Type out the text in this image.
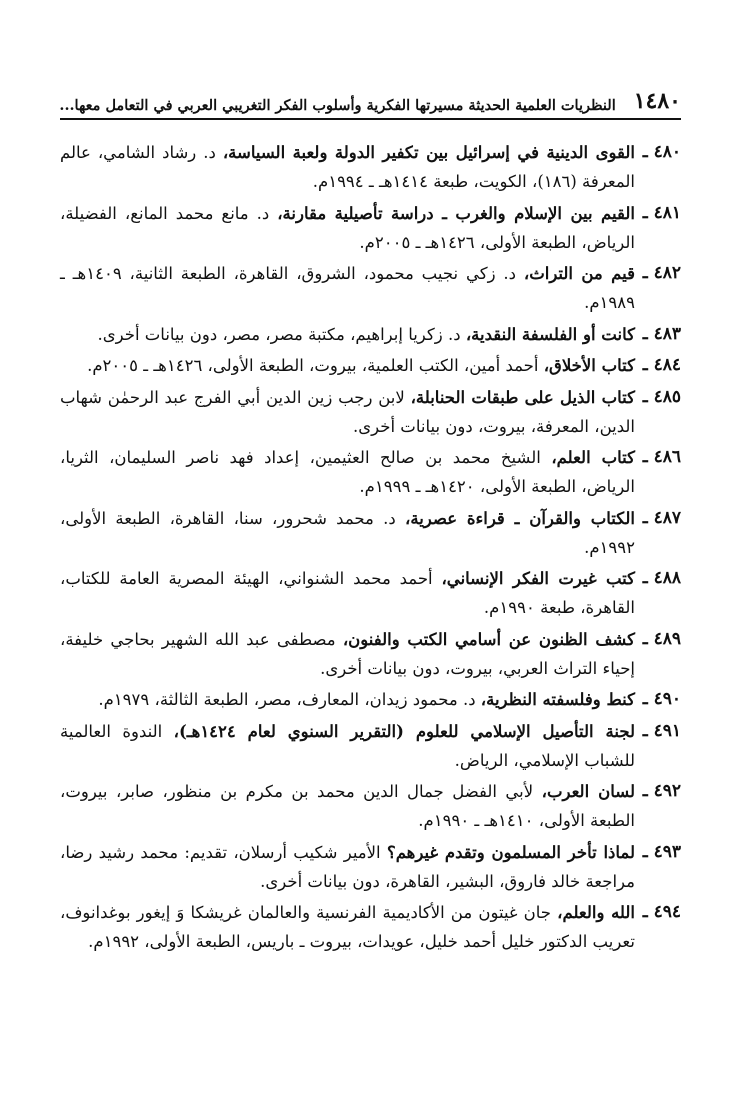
١٤٨٠
النظريات العلمية الحديثة مسيرتها الفكرية وأسلوب الفكر التغريبي العربي في التعامل معها...
٤٨٠ ـ
القوى الدينية في إسرائيل بين تكفير الدولة ولعبة السياسة، د. رشاد الشامي، عالم المعرفة (١٨٦)، الكويت، طبعة ١٤١٤هـ ـ ١٩٩٤م.
٤٨١ ـ
القيم بين الإسلام والغرب ـ دراسة تأصيلية مقارنة، د. مانع محمد المانع، الفضيلة، الرياض، الطبعة الأولى، ١٤٢٦هـ ـ ٢٠٠٥م.
٤٨٢ ـ
قيم من التراث، د. زكي نجيب محمود، الشروق، القاهرة، الطبعة الثانية، ١٤٠٩هـ ـ ١٩٨٩م.
٤٨٣ ـ
كانت أو الفلسفة النقدية، د. زكريا إبراهيم، مكتبة مصر، مصر، دون بيانات أخرى.
٤٨٤ ـ
كتاب الأخلاق، أحمد أمين، الكتب العلمية، بيروت، الطبعة الأولى، ١٤٢٦هـ ـ ٢٠٠٥م.
٤٨٥ ـ
كتاب الذيل على طبقات الحنابلة، لابن رجب زين الدين أبي الفرج عبد الرحمٰن شهاب الدين، المعرفة، بيروت، دون بيانات أخرى.
٤٨٦ ـ
كتاب العلم، الشيخ محمد بن صالح العثيمين، إعداد فهد ناصر السليمان، الثريا، الرياض، الطبعة الأولى، ١٤٢٠هـ ـ ١٩٩٩م.
٤٨٧ ـ
الكتاب والقرآن ـ قراءة عصرية، د. محمد شحرور، سنا، القاهرة، الطبعة الأولى، ١٩٩٢م.
٤٨٨ ـ
كتب غيرت الفكر الإنساني، أحمد محمد الشنواني، الهيئة المصرية العامة للكتاب، القاهرة، طبعة ١٩٩٠م.
٤٨٩ ـ
كشف الظنون عن أسامي الكتب والفنون، مصطفى عبد الله الشهير بحاجي خليفة، إحياء التراث العربي، بيروت، دون بيانات أخرى.
٤٩٠ ـ
كنط وفلسفته النظرية، د. محمود زيدان، المعارف، مصر، الطبعة الثالثة، ١٩٧٩م.
٤٩١ ـ
لجنة التأصيل الإسلامي للعلوم (التقرير السنوي لعام ١٤٢٤هـ)، الندوة العالمية للشباب الإسلامي، الرياض.
٤٩٢ ـ
لسان العرب، لأبي الفضل جمال الدين محمد بن مكرم بن منظور، صابر، بيروت، الطبعة الأولى، ١٤١٠هـ ـ ١٩٩٠م.
٤٩٣ ـ
لماذا تأخر المسلمون وتقدم غيرهم؟ الأمير شكيب أرسلان، تقديم: محمد رشيد رضا، مراجعة خالد فاروق، البشير، القاهرة، دون بيانات أخرى.
٤٩٤ ـ
الله والعلم، جان غيتون من الأكاديمية الفرنسية والعالمان غريشكا وَ إيغور بوغدانوف، تعريب الدكتور خليل أحمد خليل، عويدات، بيروت ـ باريس، الطبعة الأولى، ١٩٩٢م.
